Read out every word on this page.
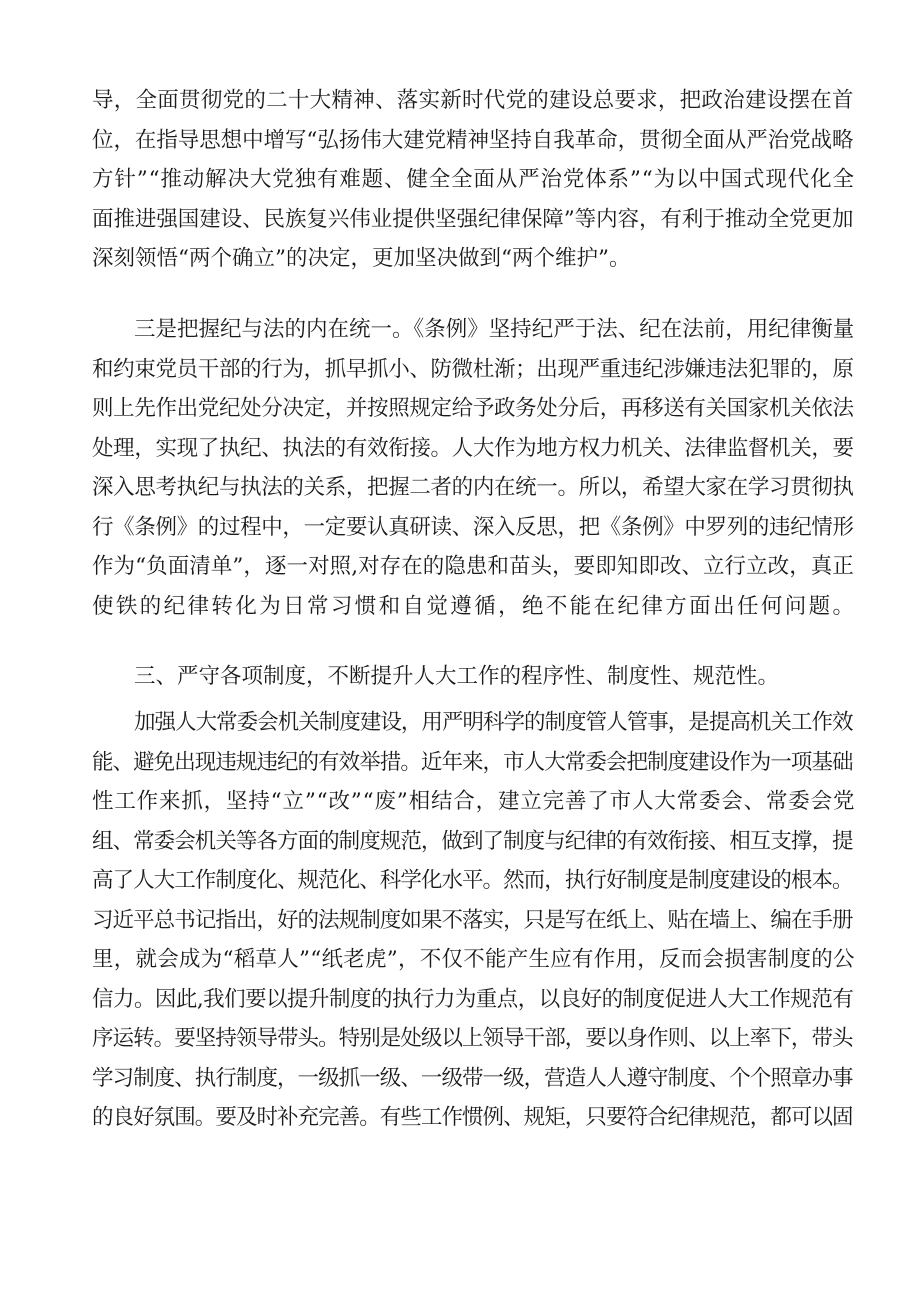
导，全面贯彻党的二十大精神、落实新时代党的建设总要求，把政治建设摆在首
位，在指导思想中增写“弘扬伟大建党精神坚持自我革命，贯彻全面从严治党战略
方针”“推动解决大党独有难题、健全全面从严治党体系”“为以中国式现代化全
面推进强国建设、民族复兴伟业提供坚强纪律保障”等内容，有利于推动全党更加
深刻领悟“两个确立”的决定，更加坚决做到“两个维护”。
三是把握纪与法的内在统一。《条例》坚持纪严于法、纪在法前，用纪律衡量
和约束党员干部的行为，抓早抓小、防微杜渐；出现严重违纪涉嫌违法犯罪的，原
则上先作出党纪处分决定，并按照规定给予政务处分后，再移送有关国家机关依法
处理，实现了执纪、执法的有效衔接。人大作为地方权力机关、法律监督机关，要
深入思考执纪与执法的关系，把握二者的内在统一。所以，希望大家在学习贯彻执
行《条例》的过程中，一定要认真研读、深入反思，把《条例》中罗列的违纪情形
作为“负面清单”，逐一对照,对存在的隐患和苗头，要即知即改、立行立改，真正
使铁的纪律转化为日常习惯和自觉遵循，绝不能在纪律方面出任何问题。
三、严守各项制度，不断提升人大工作的程序性、制度性、规范性。
加强人大常委会机关制度建设，用严明科学的制度管人管事，是提高机关工作效
能、避免出现违规违纪的有效举措。近年来，市人大常委会把制度建设作为一项基础
性工作来抓，坚持“立”“改”“废”相结合，建立完善了市人大常委会、常委会党
组、常委会机关等各方面的制度规范，做到了制度与纪律的有效衔接、相互支撑，提
高了人大工作制度化、规范化、科学化水平。然而，执行好制度是制度建设的根本。
习近平总书记指出，好的法规制度如果不落实，只是写在纸上、贴在墙上、编在手册
里，就会成为“稻草人”“纸老虎”，不仅不能产生应有作用，反而会损害制度的公
信力。因此,我们要以提升制度的执行力为重点，以良好的制度促进人大工作规范有
序运转。要坚持领导带头。特别是处级以上领导干部，要以身作则、以上率下，带头
学习制度、执行制度，一级抓一级、一级带一级，营造人人遵守制度、个个照章办事
的良好氛围。要及时补充完善。有些工作惯例、规矩，只要符合纪律规范，都可以固
